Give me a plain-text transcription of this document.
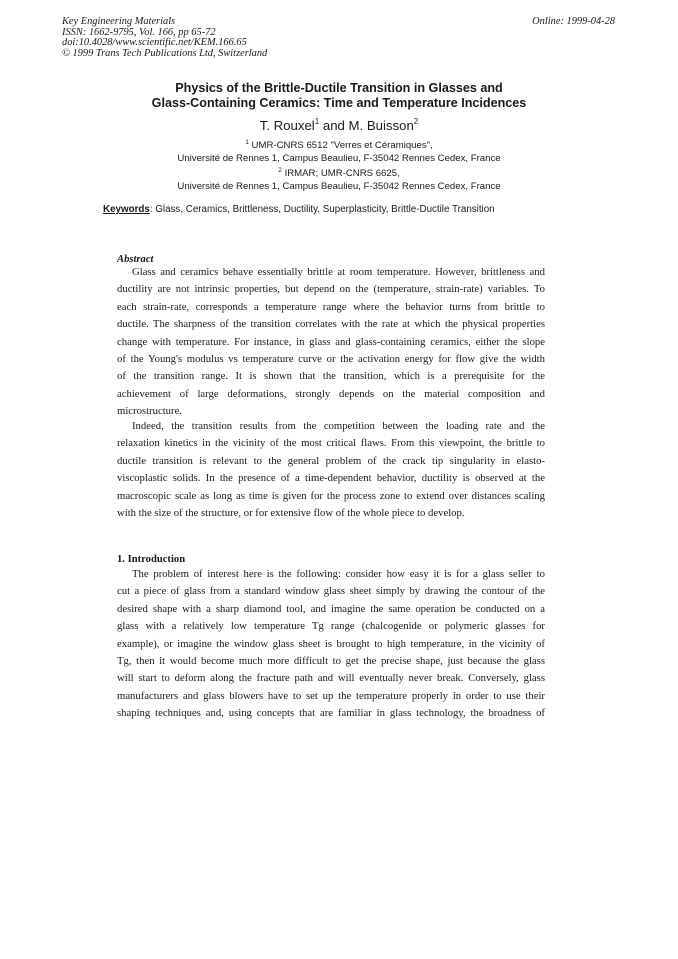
Key Engineering Materials
ISSN: 1662-9795, Vol. 166, pp 65-72
doi:10.4028/www.scientific.net/KEM.166.65
© 1999 Trans Tech Publications Ltd, Switzerland
Online: 1999-04-28
Physics of the Brittle-Ductile Transition in Glasses and
Glass-Containing Ceramics: Time and Temperature Incidences
T. Rouxel$^1$ and M. Buisson$^2$
$^1$ UMR-CNRS 6512 "Verres et Céramiques",
Université de Rennes 1, Campus Beaulieu, F-35042 Rennes Cedex, France
$^2$ IRMAR; UMR-CNRS 6625,
Université de Rennes 1, Campus Beaulieu, F-35042 Rennes Cedex, France
Keywords: Glass, Ceramics, Brittleness, Ductility, Superplasticity, Brittle-Ductile Transition
Abstract
Glass and ceramics behave essentially brittle at room temperature. However, brittleness and
ductility are not intrinsic properties, but depend on the (temperature, strain-rate) variables. To
each strain-rate, corresponds a temperature range where the behavior turns from brittle to
ductile. The sharpness of the transition correlates with the rate at which the physical properties
change with temperature. For instance, in glass and glass-containing ceramics, either the slope
of the Young's modulus vs temperature curve or the activation energy for flow give the width
of the transition range. It is shown that the transition, which is a prerequisite for the
achievement of large deformations, strongly depends on the material composition and
microstructure.
Indeed, the transition results from the competition between the loading rate and the
relaxation kinetics in the vicinity of the most critical flaws. From this viewpoint, the brittle to
ductile transition is relevant to the general problem of the crack tip singularity in elasto-
viscoplastic solids. In the presence of a time-dependent behavior, ductility is observed at the
macroscopic scale as long as time is given for the process zone to extend over distances scaling
with the size of the structure, or for extensive flow of the whole piece to develop.
1. Introduction
The problem of interest here is the following: consider how easy it is for a glass seller to
cut a piece of glass from a standard window glass sheet simply by drawing the contour of the
desired shape with a sharp diamond tool, and imagine the same operation be conducted on a
glass with a relatively low temperature Tg range (chalcogenide or polymeric glasses for
example), or imagine the window glass sheet is brought to high temperature, in the vicinity of
Tg, then it would become much more difficult to get the precise shape, just because the glass
will start to deform along the fracture path and will eventually never break. Conversely, glass
manufacturers and glass blowers have to set up the temperature properly in order to use their
shaping techniques and, using concepts that are familiar in glass technology, the broadness of
